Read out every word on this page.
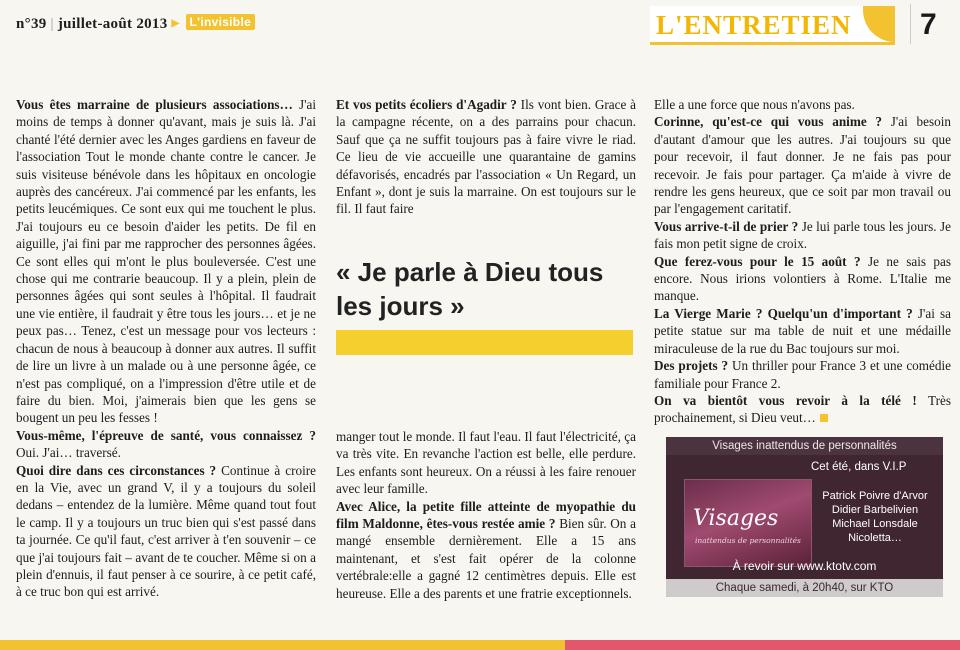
n°39 | juillet-août 2013 ▶ L'invisible	L'ENTRETIEN 7

Vous êtes marraine de plusieurs associations… J'ai moins de temps à donner qu'avant, mais je suis là. J'ai chanté l'été dernier avec les Anges gardiens en faveur de l'association Tout le monde chante contre le cancer. Je suis visiteuse bénévole dans les hôpitaux en oncologie auprès des cancéreux. J'ai commencé par les enfants, les petits leucémiques. Ce sont eux qui me touchent le plus. J'ai toujours eu ce besoin d'aider les petits. De fil en aiguille, j'ai fini par me rapprocher des personnes âgées. Ce sont elles qui m'ont le plus bouleversée. C'est une chose qui me contrarie beaucoup. Il y a plein, plein de personnes âgées qui sont seules à l'hôpital. Il faudrait une vie entière, il faudrait y être tous les jours… et je ne peux pas… Tenez, c'est un message pour vos lecteurs : chacun de nous à beaucoup à donner aux autres. Il suffit de lire un livre à un malade ou à une personne âgée, ce n'est pas compliqué, on a l'impression d'être utile et de faire du bien. Moi, j'aimerais bien que les gens se bougent un peu les fesses !

Vous-même, l'épreuve de santé, vous connaissez ? Oui. J'ai… traversé.

Quoi dire dans ces circonstances ? Continue à croire en la Vie, avec un grand V, il y a toujours du soleil dedans – entendez de la lumière. Même quand tout fout le camp. Il y a toujours un truc bien qui s'est passé dans ta journée. Ce qu'il faut, c'est arriver à t'en souvenir – ce que j'ai toujours fait – avant de te coucher. Même si on a plein d'ennuis, il faut penser à ce sourire, à ce petit café, à ce truc bon qui est arrivé.

Et vos petits écoliers d'Agadir ? Ils vont bien. Grace à la campagne récente, on a des parrains pour chacun. Sauf que ça ne suffit toujours pas à faire vivre le riad. Ce lieu de vie accueille une quarantaine de gamins défavorisés, encadrés par l'association « Un Regard, un Enfant », dont je suis la marraine. On est toujours sur le fil. Il faut faire

« Je parle à Dieu tous les jours »

manger tout le monde. Il faut l'eau. Il faut l'électricité, ça va très vite. En revanche l'action est belle, elle perdure. Les enfants sont heureux. On a réussi à les faire renouer avec leur famille.

Avec Alice, la petite fille atteinte de myopathie du film Maldonne, êtes-vous restée amie ? Bien sûr. On a mangé ensemble dernièrement. Elle a 15 ans maintenant, et s'est fait opérer de la colonne vertébrale:elle a gagné 12 centimètres depuis. Elle est heureuse. Elle a des parents et une fratrie exceptionnels.

Elle a une force que nous n'avons pas.

Corinne, qu'est-ce qui vous anime ? J'ai besoin d'autant d'amour que les autres. J'ai toujours su que pour recevoir, il faut donner. Je ne fais pas pour recevoir. Je fais pour partager. Ça m'aide à vivre de rendre les gens heureux, que ce soit par mon travail ou par l'engagement caritatif.

Vous arrive-t-il de prier ? Je lui parle tous les jours. Je fais mon petit signe de croix.

Que ferez-vous pour le 15 août ? Je ne sais pas encore. Nous irions volontiers à Rome. L'Italie me manque.

La Vierge Marie ? Quelqu'un d'important ? J'ai sa petite statue sur ma table de nuit et une médaille miraculeuse de la rue du Bac toujours sur moi.

Des projets ? Un thriller pour France 3 et une comédie familiale pour France 2.

On va bientôt vous revoir à la télé ! Très prochainement, si Dieu veut…

Visages inattendus de personnalités
Cet été, dans V.I.P
Visages
inattendus de personnalités
Patrick Poivre d'Arvor
Didier Barbelivien
Michael Lonsdale
Nicoletta…
À revoir sur www.ktotv.com
Chaque samedi, à 20h40, sur KTO
